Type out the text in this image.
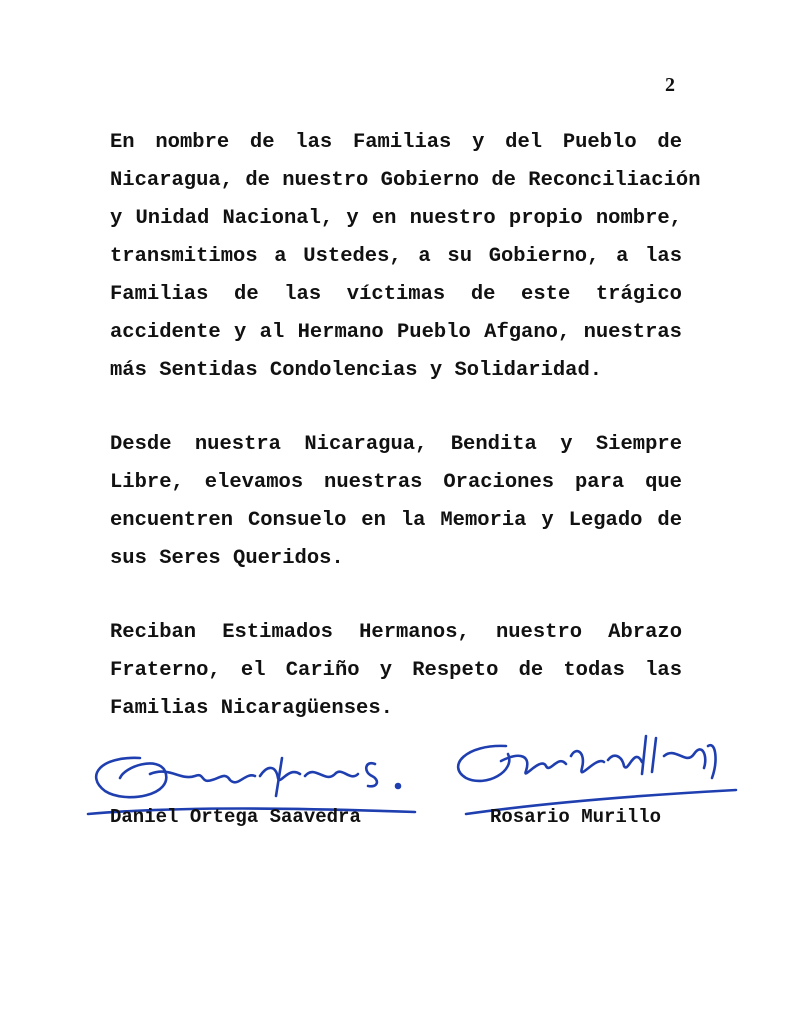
2
En nombre de las Familias y del Pueblo de
Nicaragua, de nuestro Gobierno de Reconciliación
y Unidad Nacional, y en nuestro propio nombre,
transmitimos a Ustedes, a su Gobierno, a las
Familias de las víctimas de este trágico
accidente y al Hermano Pueblo Afgano, nuestras
más Sentidas Condolencias y Solidaridad.
Desde nuestra Nicaragua, Bendita y Siempre
Libre, elevamos nuestras Oraciones para que
encuentren Consuelo en la Memoria y Legado de
sus Seres Queridos.
Reciban Estimados Hermanos, nuestro Abrazo
Fraterno, el Cariño y Respeto de todas las
Familias Nicaragüenses.
Daniel Ortega Saavedra	Rosario Murillo
